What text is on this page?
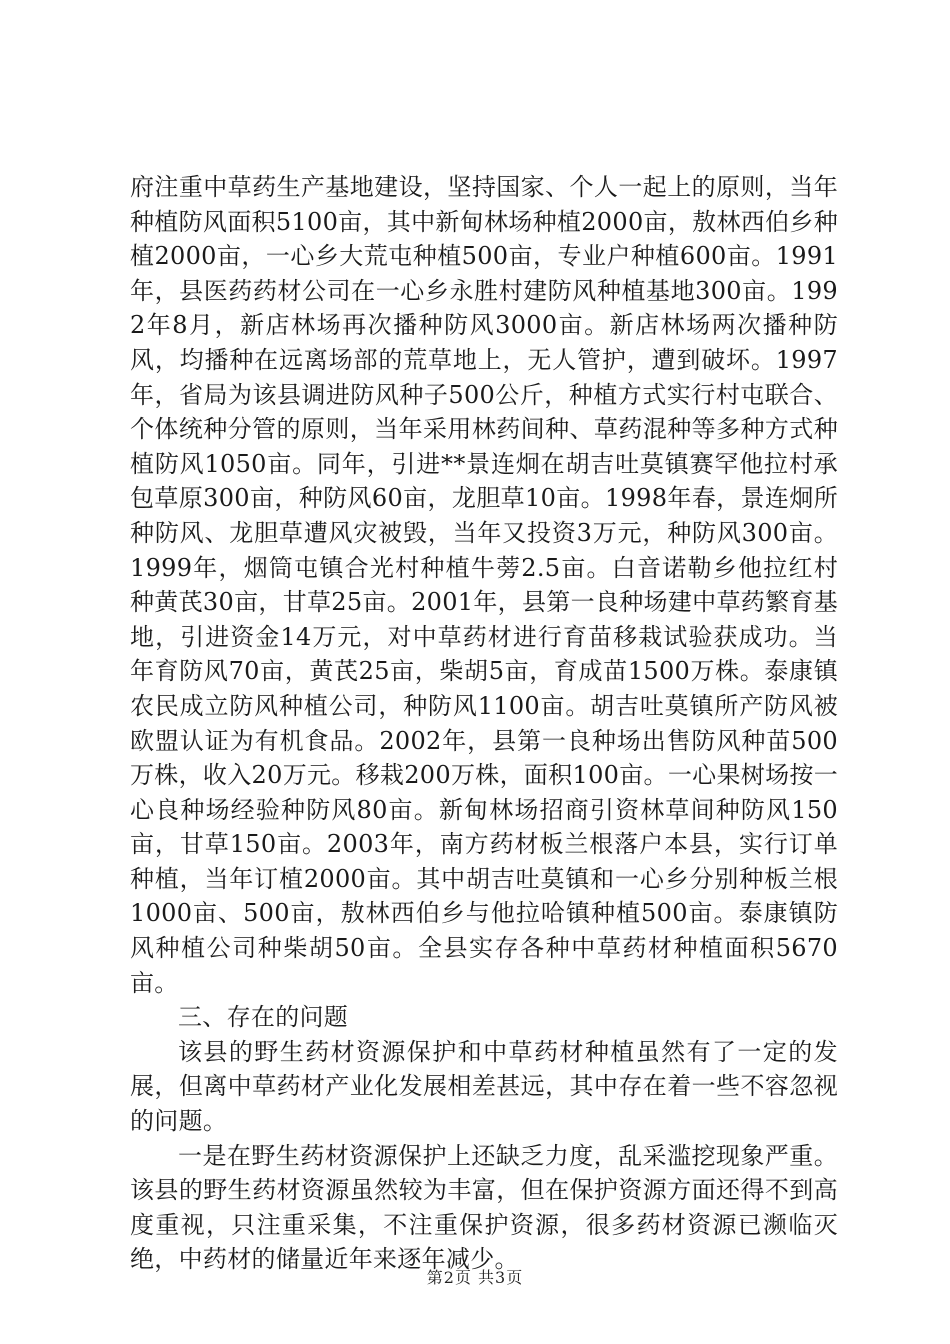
府注重中草药生产基地建设，坚持国家、个人一起上的原则，当年种植防风面积5100亩，其中新甸林场种植2000亩，敖林西伯乡种植2000亩，一心乡大荒屯种植500亩，专业户种植600亩。1991年，县医药药材公司在一心乡永胜村建防风种植基地300亩。1992年8月，新店林场再次播种防风3000亩。新店林场两次播种防风，均播种在远离场部的荒草地上，无人管护，遭到破坏。1997年，省局为该县调进防风种子500公斤，种植方式实行村屯联合、个体统种分管的原则，当年采用林药间种、草药混种等多种方式种植防风1050亩。同年，引进**景连炯在胡吉吐莫镇赛罕他拉村承包草原300亩，种防风60亩，龙胆草10亩。1998年春，景连炯所种防风、龙胆草遭风灾被毁，当年又投资3万元，种防风300亩。1999年，烟筒屯镇合光村种植牛蒡2.5亩。白音诺勒乡他拉红村种黄芪30亩，甘草25亩。2001年，县第一良种场建中草药繁育基地，引进资金14万元，对中草药材进行育苗移栽试验获成功。当年育防风70亩，黄芪25亩，柴胡5亩，育成苗1500万株。泰康镇农民成立防风种植公司，种防风1100亩。胡吉吐莫镇所产防风被欧盟认证为有机食品。2002年，县第一良种场出售防风种苗500万株，收入20万元。移栽200万株，面积100亩。一心果树场按一心良种场经验种防风80亩。新甸林场招商引资林草间种防风150亩，甘草150亩。2003年，南方药材板兰根落户本县，实行订单种植，当年订植2000亩。其中胡吉吐莫镇和一心乡分别种板兰根1000亩、500亩，敖林西伯乡与他拉哈镇种植500亩。泰康镇防风种植公司种柴胡50亩。全县实存各种中草药材种植面积5670亩。

三、存在的问题

该县的野生药材资源保护和中草药材种植虽然有了一定的发展，但离中草药材产业化发展相差甚远，其中存在着一些不容忽视的问题。

一是在野生药材资源保护上还缺乏力度，乱采滥挖现象严重。该县的野生药材资源虽然较为丰富，但在保护资源方面还得不到高度重视，只注重采集，不注重保护资源，很多药材资源已濒临灭绝，中药材的储量近年来逐年减少。

第2页 共3页
